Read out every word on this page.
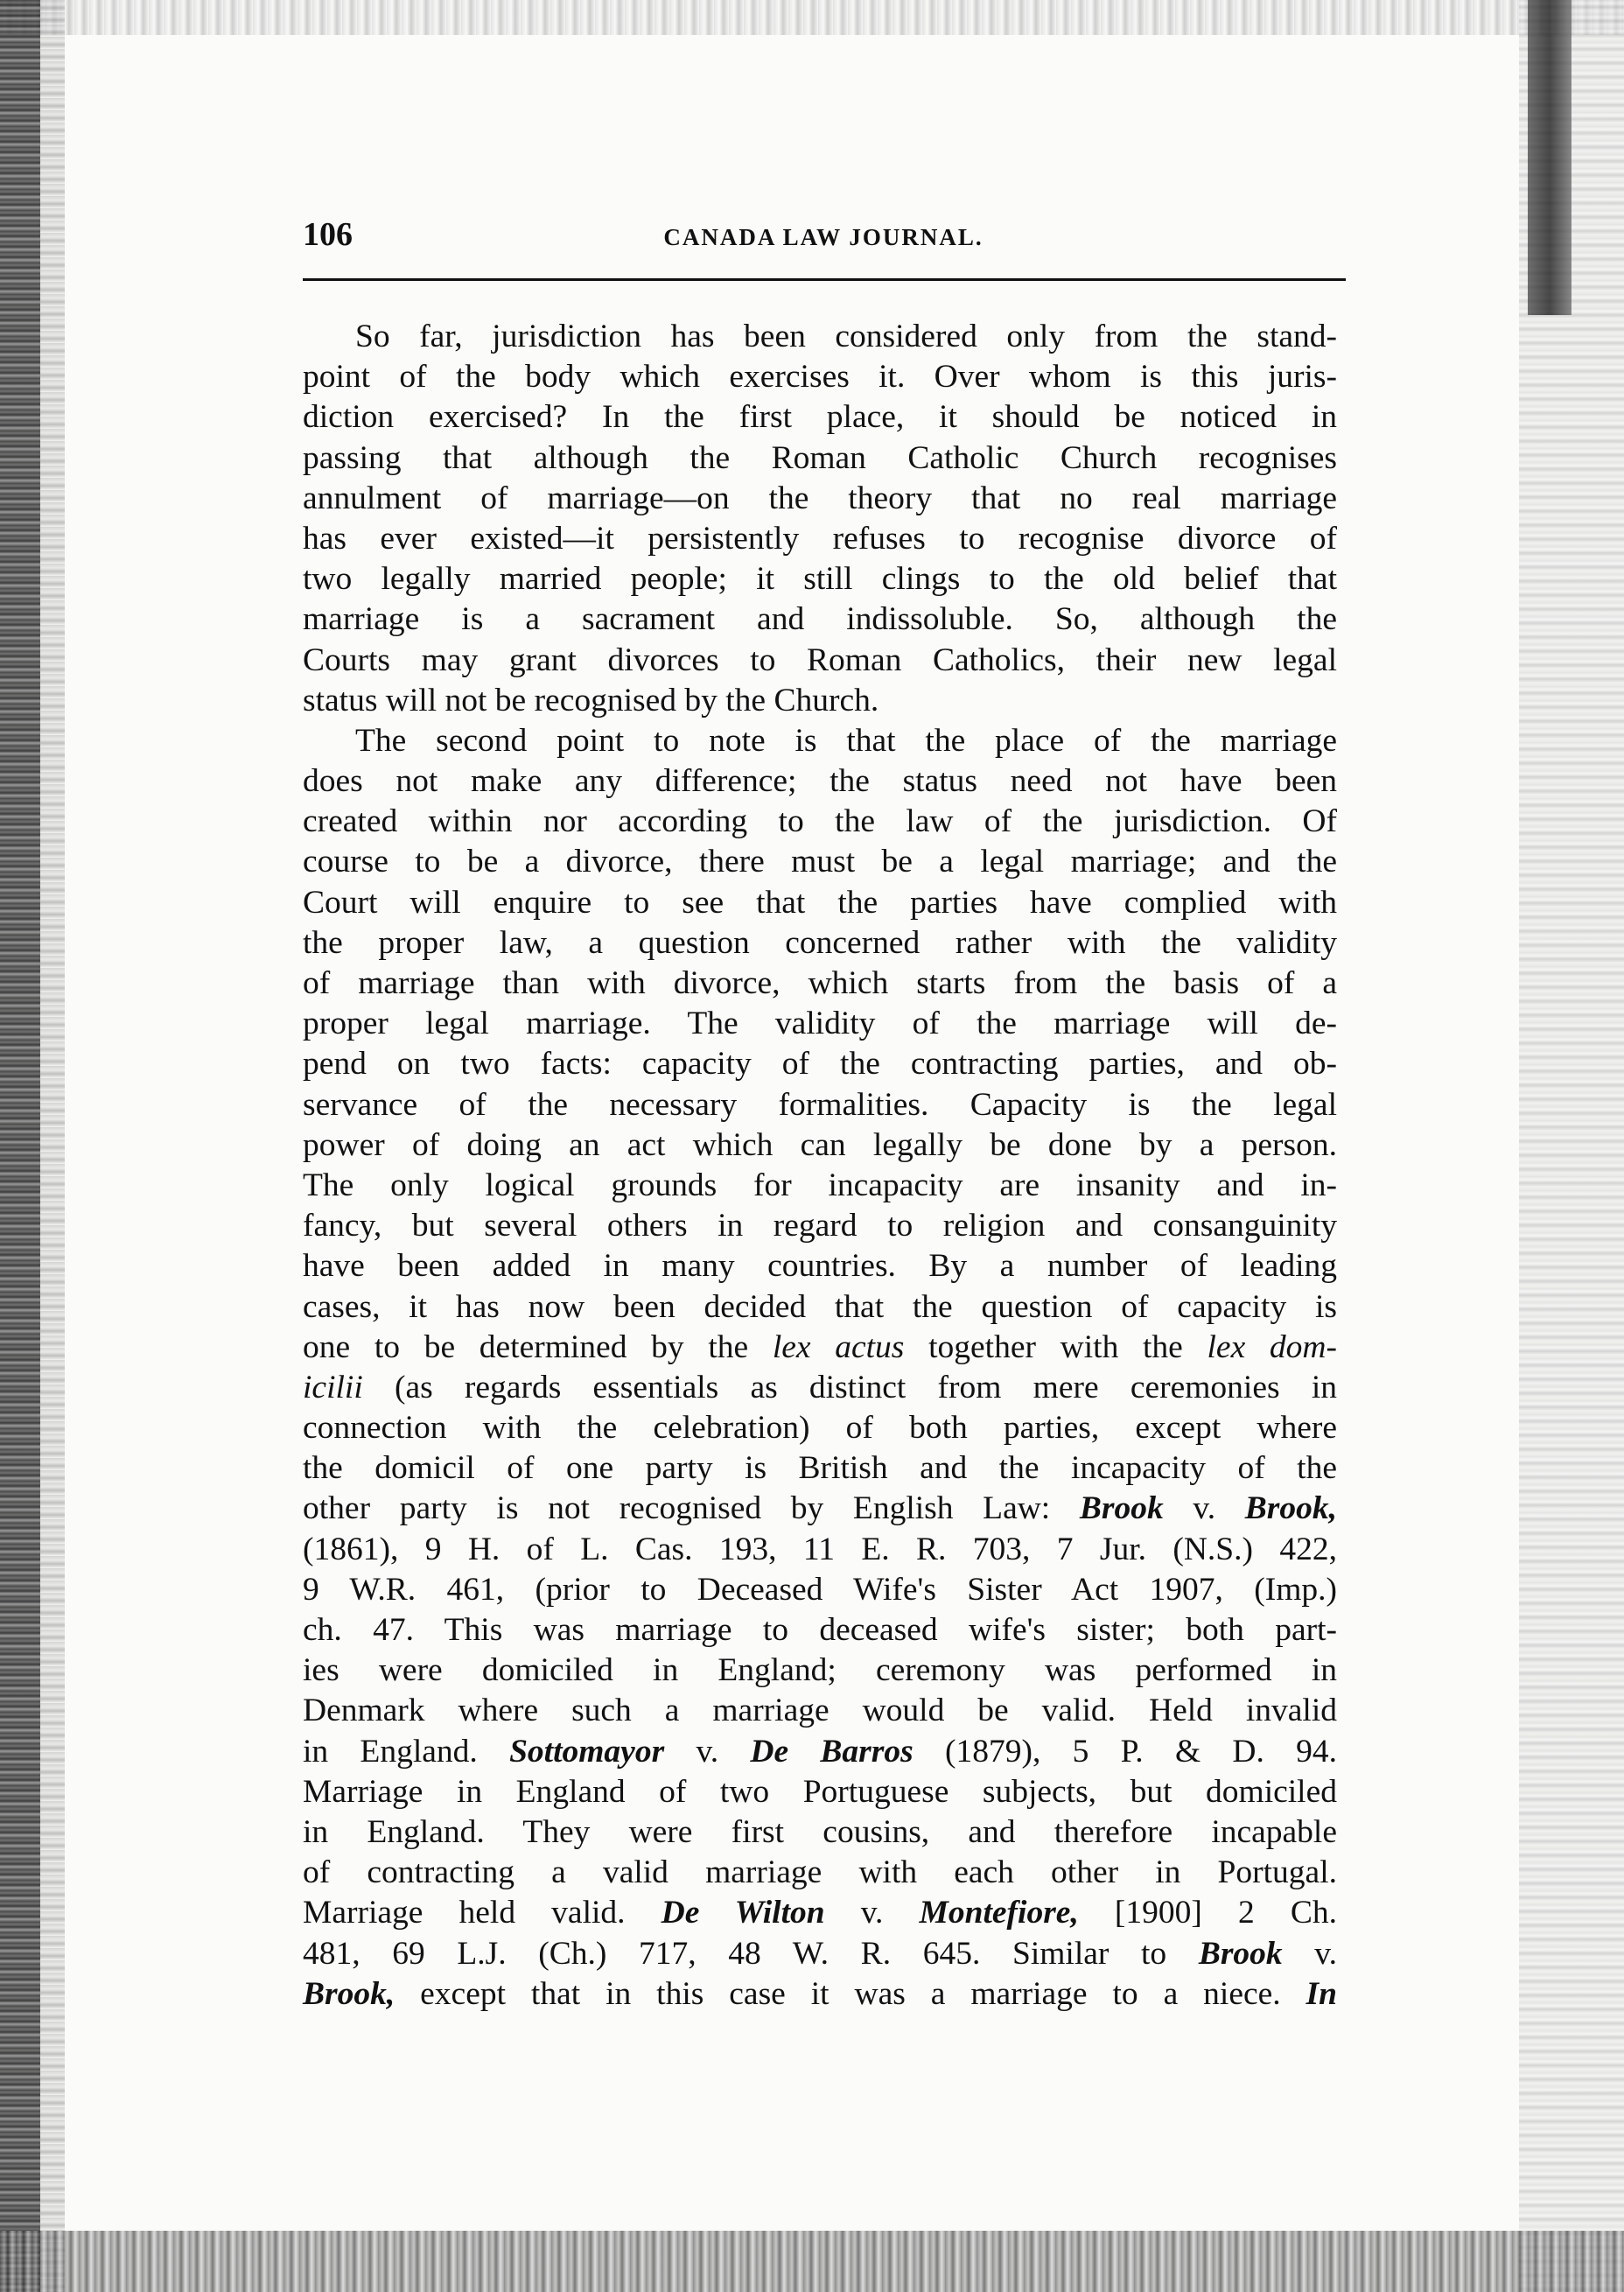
106	CANADA LAW JOURNAL.
So far, jurisdiction has been considered only from the stand-
point of the body which exercises it. Over whom is this juris-
diction exercised? In the first place, it should be noticed in
passing that although the Roman Catholic Church recognises
annulment of marriage—on the theory that no real marriage
has ever existed—it persistently refuses to recognise divorce of
two legally married people; it still clings to the old belief that
marriage is a sacrament and indissoluble. So, although the
Courts may grant divorces to Roman Catholics, their new legal
status will not be recognised by the Church.
The second point to note is that the place of the marriage
does not make any difference; the status need not have been
created within nor according to the law of the jurisdiction. Of
course to be a divorce, there must be a legal marriage; and the
Court will enquire to see that the parties have complied with
the proper law, a question concerned rather with the validity
of marriage than with divorce, which starts from the basis of a
proper legal marriage. The validity of the marriage will de-
pend on two facts: capacity of the contracting parties, and ob-
servance of the necessary formalities. Capacity is the legal
power of doing an act which can legally be done by a person.
The only logical grounds for incapacity are insanity and in-
fancy, but several others in regard to religion and consanguinity
have been added in many countries. By a number of leading
cases, it has now been decided that the question of capacity is
one to be determined by the lex actus together with the lex dom-
icilii (as regards essentials as distinct from mere ceremonies in
connection with the celebration) of both parties, except where
the domicil of one party is British and the incapacity of the
other party is not recognised by English Law: Brook v. Brook,
(1861), 9 H. of L. Cas. 193, 11 E. R. 703, 7 Jur. (N.S.) 422,
9 W.R. 461, (prior to Deceased Wife's Sister Act 1907, (Imp.)
ch. 47. This was marriage to deceased wife's sister; both part-
ies were domiciled in England; ceremony was performed in
Denmark where such a marriage would be valid. Held invalid
in England. Sottomayor v. De Barros (1879), 5 P. & D. 94.
Marriage in England of two Portuguese subjects, but domiciled
in England. They were first cousins, and therefore incapable
of contracting a valid marriage with each other in Portugal.
Marriage held valid. De Wilton v. Montefiore, [1900] 2 Ch.
481, 69 L.J. (Ch.) 717, 48 W. R. 645. Similar to Brook v.
Brook, except that in this case it was a marriage to a niece. In
